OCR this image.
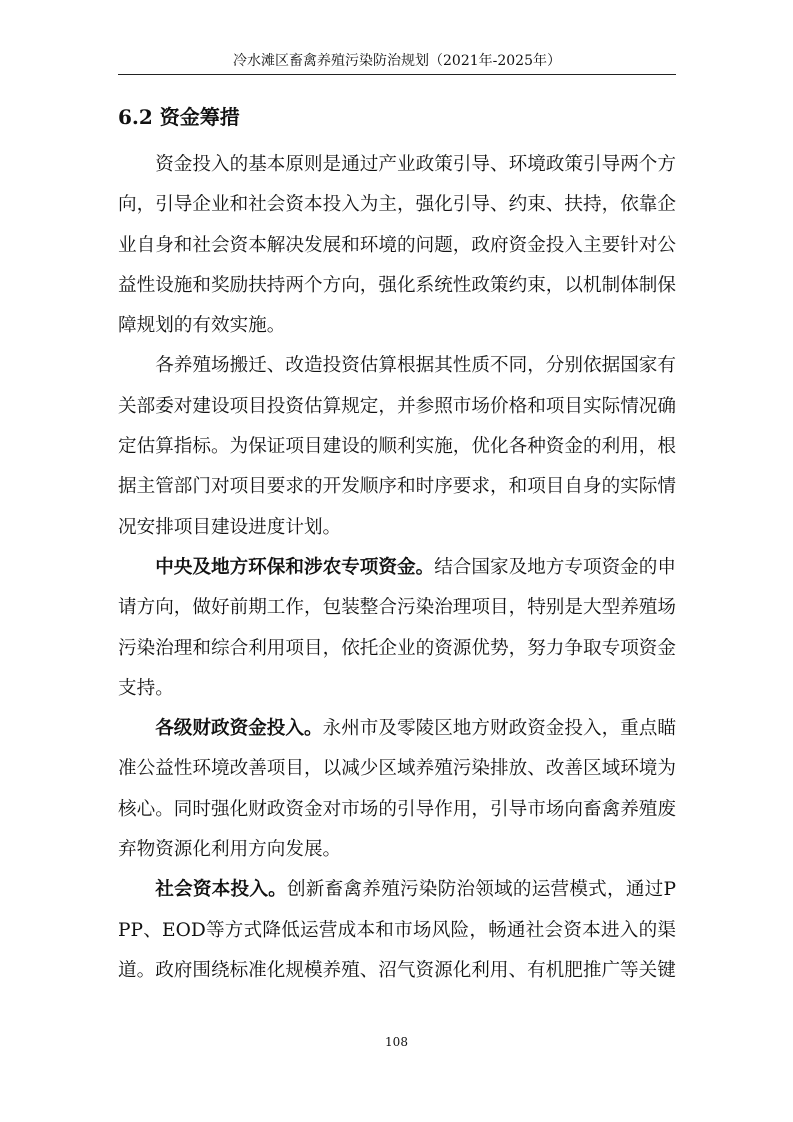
冷水滩区畜禽养殖污染防治规划（2021年-2025年）
6.2 资金筹措

资金投入的基本原则是通过产业政策引导、环境政策引导两个方向，引导企业和社会资本投入为主，强化引导、约束、扶持，依靠企业自身和社会资本解决发展和环境的问题，政府资金投入主要针对公益性设施和奖励扶持两个方向，强化系统性政策约束，以机制体制保障规划的有效实施。

各养殖场搬迁、改造投资估算根据其性质不同，分别依据国家有关部委对建设项目投资估算规定，并参照市场价格和项目实际情况确定估算指标。为保证项目建设的顺利实施，优化各种资金的利用，根据主管部门对项目要求的开发顺序和时序要求，和项目自身的实际情况安排项目建设进度计划。

中央及地方环保和涉农专项资金。结合国家及地方专项资金的申请方向，做好前期工作，包装整合污染治理项目，特别是大型养殖场污染治理和综合利用项目，依托企业的资源优势，努力争取专项资金支持。

各级财政资金投入。永州市及零陵区地方财政资金投入，重点瞄准公益性环境改善项目，以减少区域养殖污染排放、改善区域环境为核心。同时强化财政资金对市场的引导作用，引导市场向畜禽养殖废弃物资源化利用方向发展。

社会资本投入。创新畜禽养殖污染防治领域的运营模式，通过PPP、EOD等方式降低运营成本和市场风险，畅通社会资本进入的渠道。政府围绕标准化规模养殖、沼气资源化利用、有机肥推广等关键

108
